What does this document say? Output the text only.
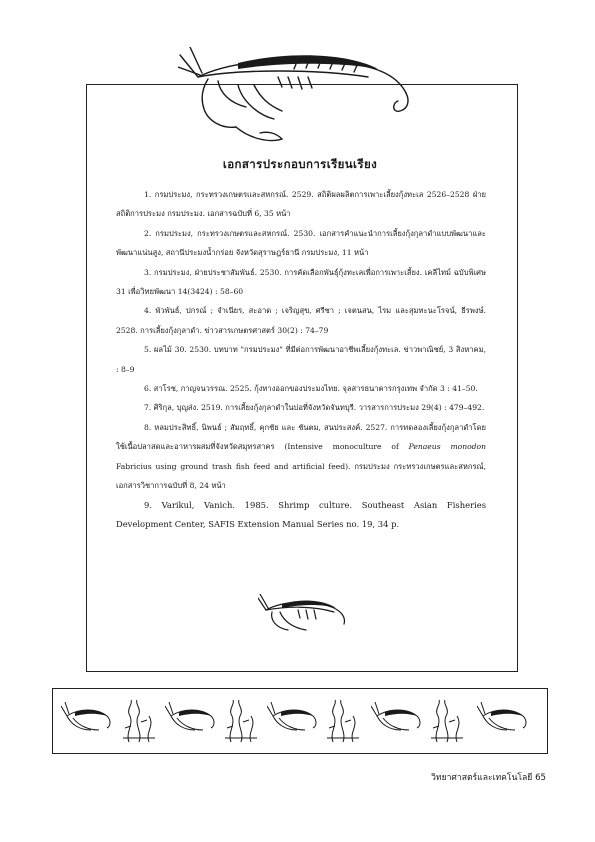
เอกสารประกอบการเรียนเรียง

1. กรมประมง, กระทรวงเกษตรและสหกรณ์. 2529. สถิติผลผลิตการเพาะเลี้ยงกุ้งทะเล 2526–2528 ฝ่ายสถิติการประมง กรมประมง. เอกสารฉบับที่ 6, 35 หน้า

2. กรมประมง, กระทรวงเกษตรและสหกรณ์. 2530. เอกสารคำแนะนำการเลี้ยงกุ้งกุลาดำแบบพัฒนาและพัฒนาแน่นสูง, สถานีประมงน้ำกร่อย จังหวัดสุราษฎร์ธานี กรมประมง, 11 หน้า

3. กรมประมง, ฝ่ายประชาสัมพันธ์. 2530. การคัดเลือกพันธุ์กุ้งทะเลเพื่อการเพาะเลี้ยง. เคลีไทม์ ฉบับพิเศษ 31 เพื่อวิทยพัฒนา 14(3424) : 58–60

4. พัวพันธ์, ปกรณ์ ; จำเนียร, สะอาด ; เจริญสุข, ศรีชา ; เจตนสน, ไรม และสุมทะนะโรจน์, ธีรพงษ์. 2528. การเลี้ยงกุ้งกุลาดำ. ข่าวสารเกษตรศาสตร์ 30(2) : 74–79

5. ผลไม้ 30. 2530. บทบาท "กรมประมง" ที่มีต่อการพัฒนาอาชีพเลี้ยงกุ้งทะเล. ข่าวพาณิชย์, 3 สิงหาคม, : 8–9

6. สาโรช, กาญจนวรรณ. 2525. กุ้งทางออกของประมงไทย. จุลสารธนาคารกรุงเทพ จำกัด 3 : 41–50.

7. ศิริกุล, บุญส่ง. 2519. การเลี้ยงกุ้งกุลาดำในบ่อที่จังหวัดจันทบุรี. วารสารการประมง 29(4) : 479–492.

8. หลมประสิทธิ์, นิพนธ์ ; สัมฤทธิ์, คุกชัย และ ชันตม, สนประสงค์. 2527. การทดลองเลี้ยงกุ้งกุลาดำโดยใช้เนื้อปลาสดและอาหารผสมที่จังหวัดสมุทรสาคร (Intensive monoculture of Penaeus monodon Fabricius using ground trash fish feed and artificial feed). กรมประมง กระทรวงเกษตรและสหกรณ์, เอกสารวิชาการฉบับที่ 8, 24 หน้า

9. Varikul, Vanich. 1985. Shrimp culture. Southeast Asian Fisheries Development Center, SAFIS Extension Manual Series no. 19, 34 p.

วิทยาศาสตร์และเทคโนโลยี 65
